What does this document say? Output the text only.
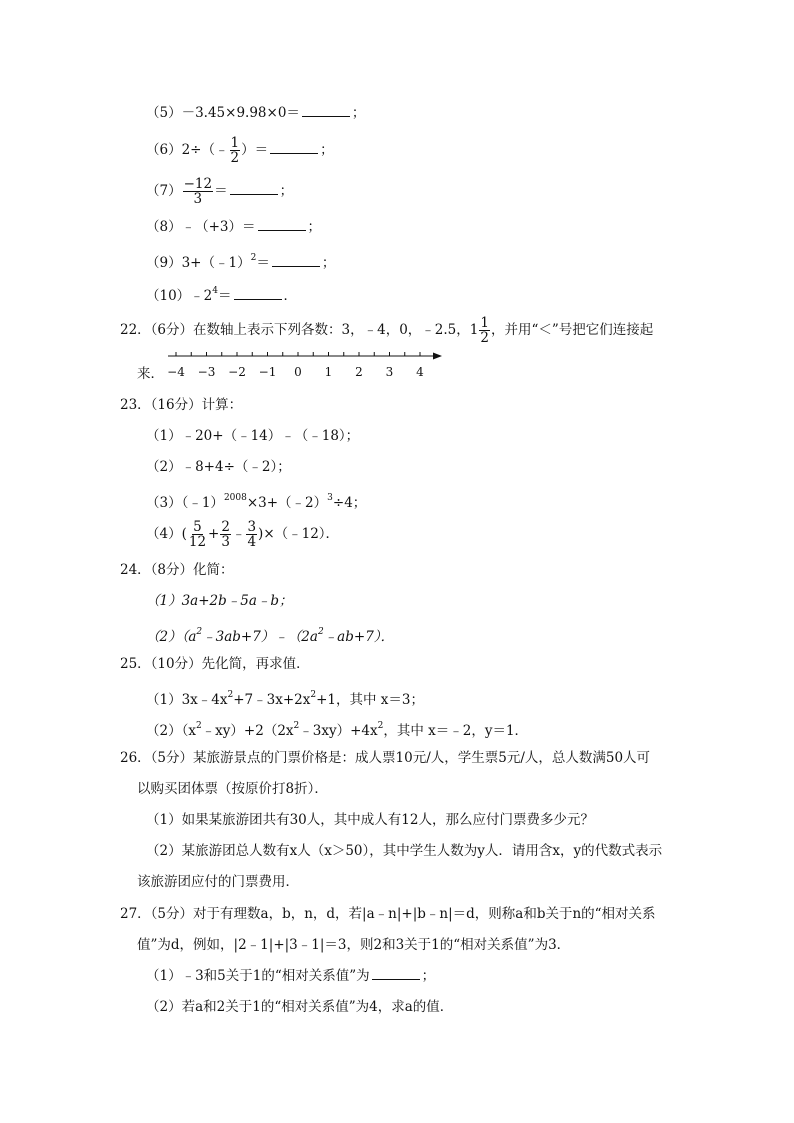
（5）－3.45×9.98×0＝	；
（6）2÷（﹣ $\frac{1}{2}$ ）＝	；
$(7) \frac{-12}{3}$ ＝	；
（8）﹣（+3）＝	；
（9）3+（﹣1）$^2$＝	；
$(10)﹣2^4=$	．
22．（6分）在数轴上表示下列各数：3，﹣4，0，﹣2.5，$1 \frac{1}{2}$ ，并用“＜”号把它们连接起
来． −4 −3 −2 −1 0 1 2 3 4
23．（16分）计算：
（1）﹣20+（﹣14）﹣（﹣18）；
（2）﹣8+4÷（﹣2）；
（3）（﹣1）$^{2008}$×3+（﹣2）$^3$÷4；
$(4)( \frac{5}{12} + \frac{2}{3}$ ﹣ $\frac{3}{4}$ )×（﹣12）．
24．（8分）化简：
（1）3a+2b﹣5a﹣b；
$(2)(a^2﹣3ab+7)﹣(2a^2﹣ab+7)$．
25．（10分）先化简，再求值．
$(1)3x﹣4x^2+7﹣3x+2x^2+1$，其中 x＝3；
$(2)(x^2﹣xy)+2(2x^2﹣3xy)+4x^2$，其中 x＝﹣2，y＝1．
26．（5分）某旅游景点的门票价格是：成人票10元/人，学生票5元/人，总人数满50人可
以购买团体票（按原价打8折）．
（1）如果某旅游团共有30人，其中成人有12人，那么应付门票费多少元？
（2）某旅游团总人数有x人（x＞50），其中学生人数为y人．请用含x，y的代数式表示
该旅游团应付的门票费用．
27．（5分）对于有理数a，b，n，d，若|a﹣n|+|b﹣n|＝d，则称a和b关于n的“相对关系
值”为d，例如，|2﹣1|+|3﹣1|＝3，则2和3关于1的“相对关系值”为3．
（1）﹣3和5关于1的“相对关系值”为	；
（2）若a和2关于1的“相对关系值”为4，求a的值．
